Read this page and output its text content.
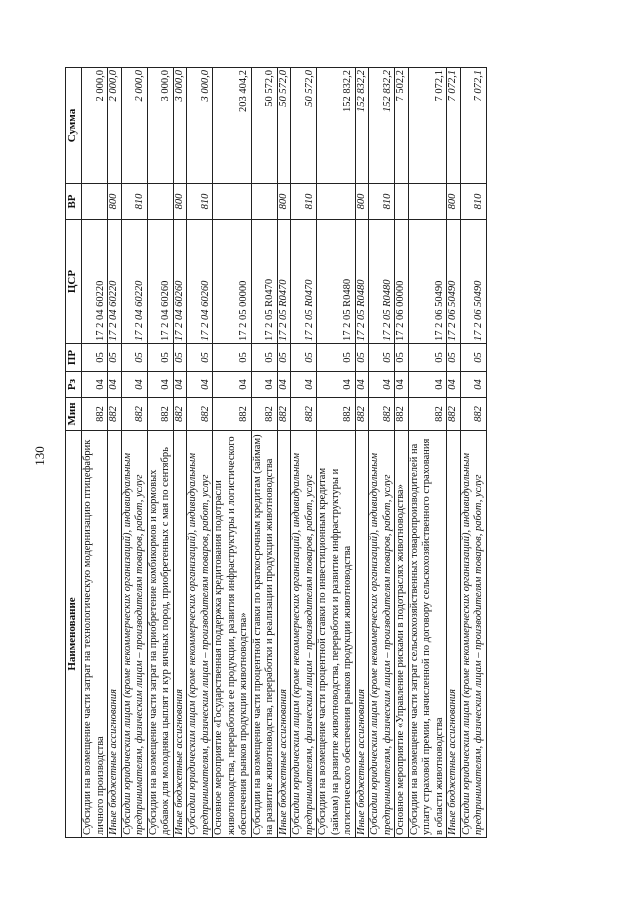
130
Наименование	Мин	Рз	ПР	ЦСР	ВР	Сумма
Субсидии на возмещение части затрат на технологическую модернизацию птицефабрик личного производства	882	04	05	17 2 04 60220		2 000,0
Иные бюджетные ассигнования	882	04	05	17 2 04 60220	800	2 000,0
Субсидии юридическим лицам (кроме некоммерческих организаций), индивидуальным предпринимателям, физическим лицам – производителям товаров, работ, услуг	882	04	05	17 2 04 60220	810	2 000,0
Субсидии на возмещение части затрат на приобретение комбикормов и кормовых добавок для молодняка цыплят и кур яичных пород, приобретенных с мая по сентябрь	882	04	05	17 2 04 60260		3 000,0
Иные бюджетные ассигнования	882	04	05	17 2 04 60260	800	3 000,0
Субсидии юридическим лицам (кроме некоммерческих организаций), индивидуальным предпринимателям, физическим лицам – производителям товаров, работ, услуг	882	04	05	17 2 04 60260	810	3 000,0
Основное мероприятие «Государственная поддержка кредитования подотрасли животноводства, переработки ее продукции, развития инфраструктуры и логистического обеспечения рынков продукции животноводства»	882	04	05	17 2 05 00000		203 404,2
Субсидии на возмещение части процентной ставки по краткосрочным кредитам (займам) на развитие животноводства, переработки и реализации продукции животноводства	882	04	05	17 2 05 R0470		50 572,0
Иные бюджетные ассигнования	882	04	05	17 2 05 R0470	800	50 572,0
Субсидии юридическим лицам (кроме некоммерческих организаций), индивидуальным предпринимателям, физическим лицам – производителям товаров, работ, услуг	882	04	05	17 2 05 R0470	810	50 572,0
Субсидии на возмещение части процентной ставки по инвестиционным кредитам (займам) на развитие животноводства, переработки и развитие инфраструктуры и логистического обеспечения рынков продукции животноводства	882	04	05	17 2 05 R0480		152 832,2
Иные бюджетные ассигнования	882	04	05	17 2 05 R0480	800	152 832,2
Субсидии юридическим лицам (кроме некоммерческих организаций), индивидуальным предпринимателям, физическим лицам – производителям товаров, работ, услуг	882	04	05	17 2 05 R0480	810	152 832,2
Основное мероприятие «Управление рисками в подотраслях животноводства»	882	04	05	17 2 06 00000		7 502,2
Субсидии на возмещение части затрат сельскохозяйственных товаропроизводителей на уплату страховой премии, начисленной по договору сельскохозяйственного страхования в области животноводства	882	04	05	17 2 06 50490		7 072,1
Иные бюджетные ассигнования	882	04	05	17 2 06 50490	800	7 072,1
Субсидии юридическим лицам (кроме некоммерческих организаций), индивидуальным предпринимателям, физическим лицам – производителям товаров, работ, услуг	882	04	05	17 2 06 50490	810	7 072,1
